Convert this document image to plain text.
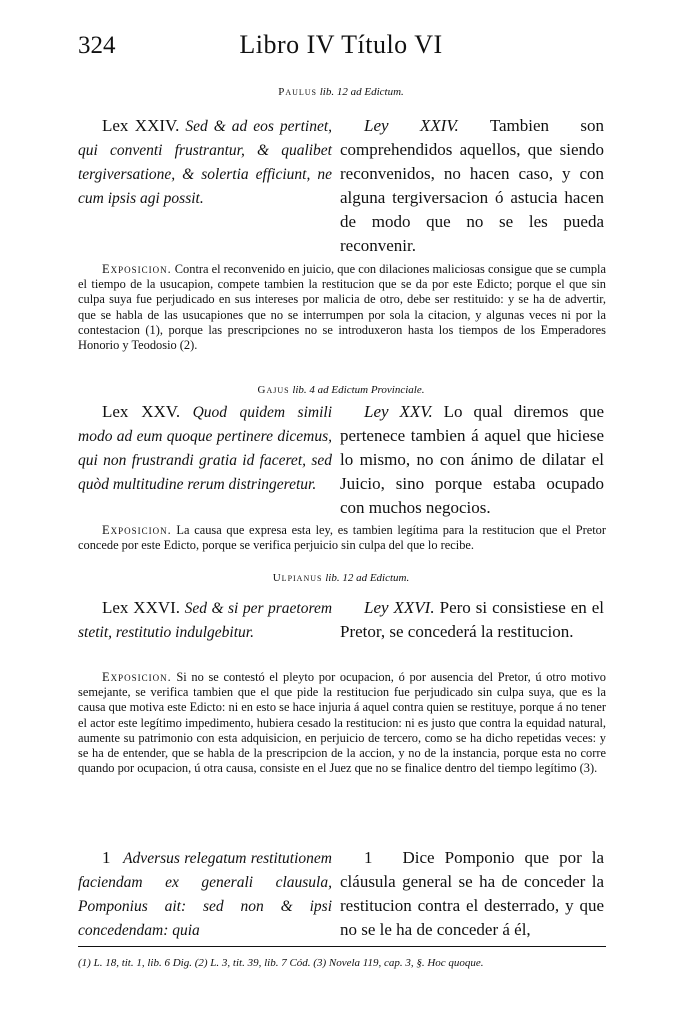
324	Libro IV Título VI
Paulus lib. 12 ad Edictum.
Lex XXIV. Sed & ad eos pertinet, qui conventi frustrantur, & qualibet tergiversatione, & solertia efficiunt, ne cum ipsis agi possit.
Ley XXIV. Tambien son comprehendidos aquellos, que siendo reconvenidos, no hacen caso, y con alguna tergiversacion ó astucia hacen de modo que no se les pueda reconvenir.
Exposicion. Contra el reconvenido en juicio, que con dilaciones maliciosas consigue que se cumpla el tiempo de la usucapion, compete tambien la restitucion que se da por este Edicto; porque el que sin culpa suya fue perjudicado en sus intereses por malicia de otro, debe ser restituido: y se ha de advertir, que se habla de las usucapiones que no se interrumpen por sola la citacion, y algunas veces ni por la contestacion (1), porque las prescripciones no se introduxeron hasta los tiempos de los Emperadores Honorio y Teodosio (2).
Gajus lib. 4 ad Edictum Provinciale.
Lex XXV. Quod quidem simili modo ad eum quoque pertinere dicemus, qui non frustrandi gratia id faceret, sed quòd multitudine rerum distringeretur.
Ley XXV. Lo qual diremos que pertenece tambien á aquel que hiciese lo mismo, no con ánimo de dilatar el Juicio, sino porque estaba ocupado con muchos negocios.
Exposicion. La causa que expresa esta ley, es tambien legítima para la restitucion que el Pretor concede por este Edicto, porque se verifica perjuicio sin culpa del que lo recibe.
Ulpianus lib. 12 ad Edictum.
Lex XXVI. Sed & si per praetorem stetit, restitutio indulgebitur.
Ley XXVI. Pero si consistiese en el Pretor, se concederá la restitucion.
Exposicion. Si no se contestó el pleyto por ocupacion, ó por ausencia del Pretor, ú otro motivo semejante, se verifica tambien que el que pide la restitucion fue perjudicado sin culpa suya, que es la causa que motiva este Edicto: ni en esto se hace injuria á aquel contra quien se restituye, porque á no tener el actor este legítimo impedimento, hubiera cesado la restitucion: ni es justo que contra la equidad natural, aumente su patrimonio con esta adquisicion, en perjuicio de tercero, como se ha dicho repetidas veces: y se ha de entender, que se habla de la prescripcion de la accion, y no de la instancia, porque esta no corre quando por ocupacion, ú otra causa, consiste en el Juez que no se finalice dentro del tiempo legítimo (3).
1 Adversus relegatum restitutionem faciendam ex generali clausula, Pomponius ait: sed non & ipsi concedendam: quia
1 Dice Pomponio que por la cláusula general se ha de conceder la restitucion contra el desterrado, y que no se le ha de conceder á él,
(1) L. 18, tit. 1, lib. 6 Dig. (2) L. 3, tit. 39, lib. 7 Cód. (3) Novela 119, cap. 3, §. Hoc quoque.
